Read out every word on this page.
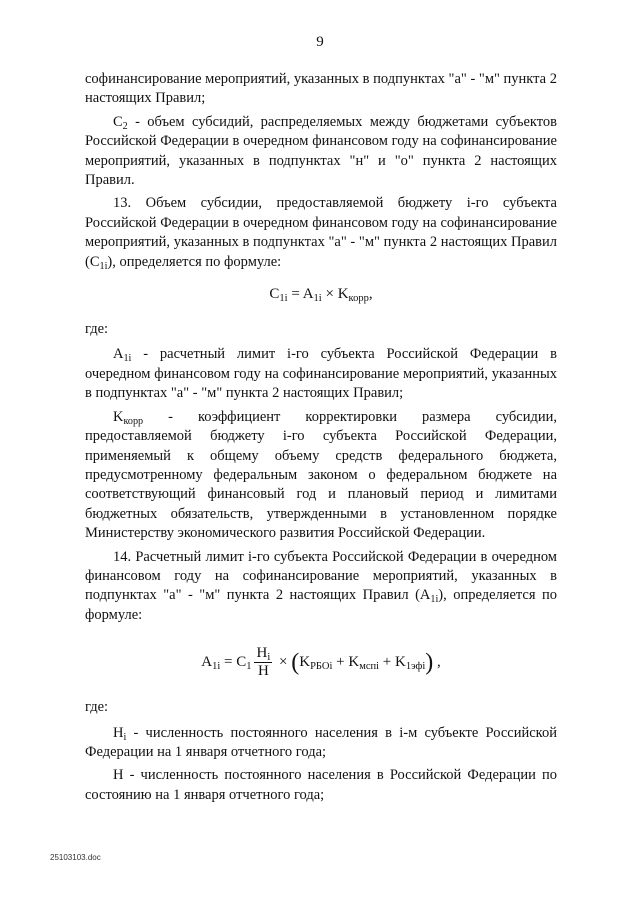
9

софинансирование мероприятий, указанных в подпунктах "а" - "м" пункта 2 настоящих Правил;

$C_2$ - объем субсидий, распределяемых между бюджетами субъектов Российской Федерации в очередном финансовом году на софинансирование мероприятий, указанных в подпунктах "н" и "о" пункта 2 настоящих Правил.

13. Объем субсидии, предоставляемой бюджету i-го субъекта Российской Федерации в очередном финансовом году на софинансирование мероприятий, указанных в подпунктах "а" - "м" пункта 2 настоящих Правил $(C_{1i})$, определяется по формуле:

$C_{1i} = A_{1i} \times K_{корр}$,

где:

$A_{1i}$ - расчетный лимит i-го субъекта Российской Федерации в очередном финансовом году на софинансирование мероприятий, указанных в подпунктах "а" - "м" пункта 2 настоящих Правил;

$K_{корр}$ - коэффициент корректировки размера субсидии, предоставляемой бюджету i-го субъекта Российской Федерации, применяемый к общему объему средств федерального бюджета, предусмотренному федеральным законом о федеральном бюджете на соответствующий финансовый год и плановый период и лимитами бюджетных обязательств, утвержденными в установленном порядке Министерству экономического развития Российской Федерации.

14. Расчетный лимит i-го субъекта Российской Федерации в очередном финансовом году на софинансирование мероприятий, указанных в подпунктах "а" - "м" пункта 2 настоящих Правил $(A_{1i})$, определяется по формуле:

$A_{1i} = C_1 \frac{H_i}{H} \times (K_{РБОi} + K_{мспi} + K_{1эфi})$ ,

где:

$H_i$ - численность постоянного населения в i-м субъекте Российской Федерации на 1 января отчетного года;

H - численность постоянного населения в Российской Федерации по состоянию на 1 января отчетного года;

25103103.doc
